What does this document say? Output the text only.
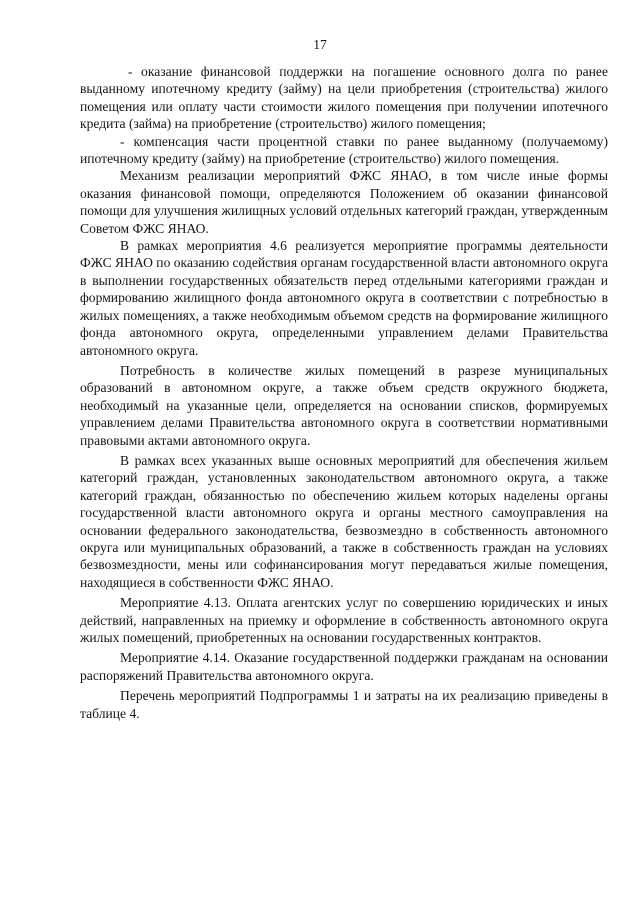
17

- оказание финансовой поддержки на погашение основного долга по ранее выданному ипотечному кредиту (займу) на цели приобретения (строительства) жилого помещения или оплату части стоимости жилого помещения при получении ипотечного кредита (займа) на приобретение (строительство) жилого помещения;

- компенсация части процентной ставки по ранее выданному (получаемому) ипотечному кредиту (займу) на приобретение (строительство) жилого помещения.

Механизм реализации мероприятий ФЖС ЯНАО, в том числе иные формы оказания финансовой помощи, определяются Положением об оказании финансовой помощи для улучшения жилищных условий отдельных категорий граждан, утвержденным Советом ФЖС ЯНАО.

В рамках мероприятия 4.6 реализуется мероприятие программы деятельности ФЖС ЯНАО по оказанию содействия органам государственной власти автономного округа в выполнении государственных обязательств перед отдельными категориями граждан и формированию жилищного фонда автономного округа в соответствии с потребностью в жилых помещениях, а также необходимым объемом средств на формирование жилищного фонда автономного округа, определенными управлением делами Правительства автономного округа.

Потребность в количестве жилых помещений в разрезе муниципальных образований в автономном округе, а также объем средств окружного бюджета, необходимый на указанные цели, определяется на основании списков, формируемых управлением делами Правительства автономного округа в соответствии нормативными правовыми актами автономного округа.

В рамках всех указанных выше основных мероприятий для обеспечения жильем категорий граждан, установленных законодательством автономного округа, а также категорий граждан, обязанностью по обеспечению жильем которых наделены органы государственной власти автономного округа и органы местного самоуправления на основании федерального законодательства, безвозмездно в собственность автономного округа или муниципальных образований, а также в собственность граждан на условиях безвозмездности, мены или софинансирования могут передаваться жилые помещения, находящиеся в собственности ФЖС ЯНАО.

Мероприятие 4.13. Оплата агентских услуг по совершению юридических и иных действий, направленных на приемку и оформление в собственность автономного округа жилых помещений, приобретенных на основании государственных контрактов.

Мероприятие 4.14. Оказание государственной поддержки гражданам на основании распоряжений Правительства автономного округа.

Перечень мероприятий Подпрограммы 1 и затраты на их реализацию приведены в таблице 4.
